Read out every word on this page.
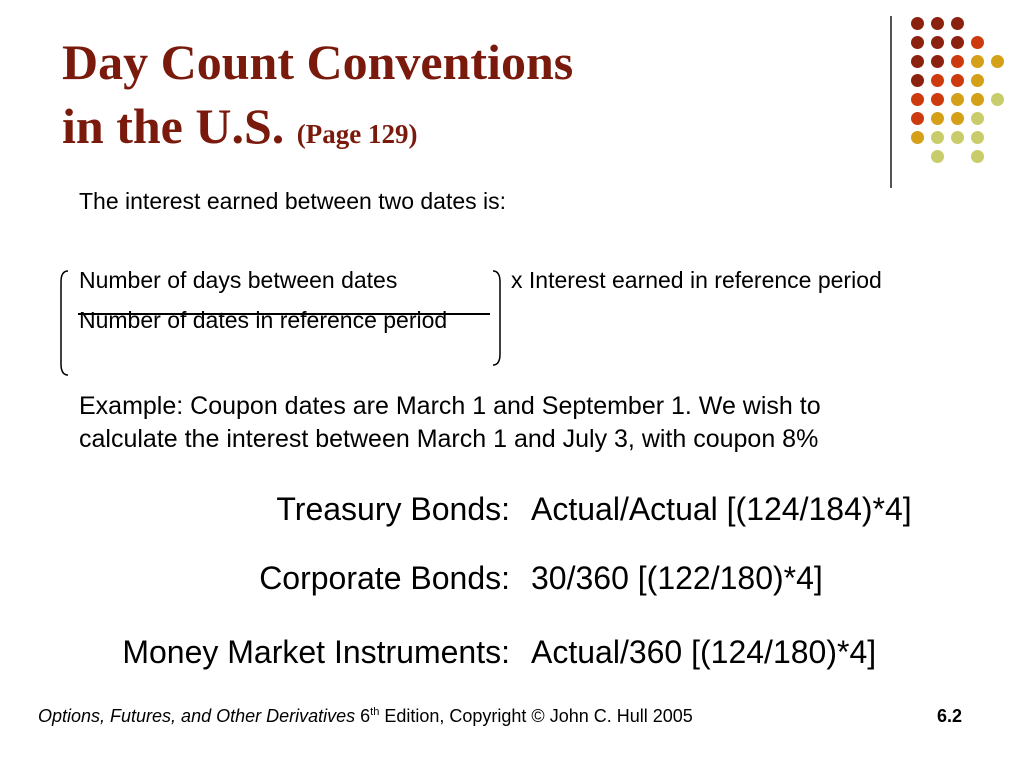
Day Count Conventions
in the U.S. (Page 129)
The interest earned between two dates is:
Number of days between dates
Number of dates in reference period
x Interest earned in reference period
Example: Coupon dates are March 1 and September 1. We wish to
calculate the interest between March 1 and July 3, with coupon 8%
Treasury Bonds: Actual/Actual [(124/184)*4]
Corporate Bonds: 30/360 [(122/180)*4]
Money Market Instruments: Actual/360 [(124/180)*4]
Options, Futures, and Other Derivatives 6th Edition, Copyright © John C. Hull 2005	6.2
